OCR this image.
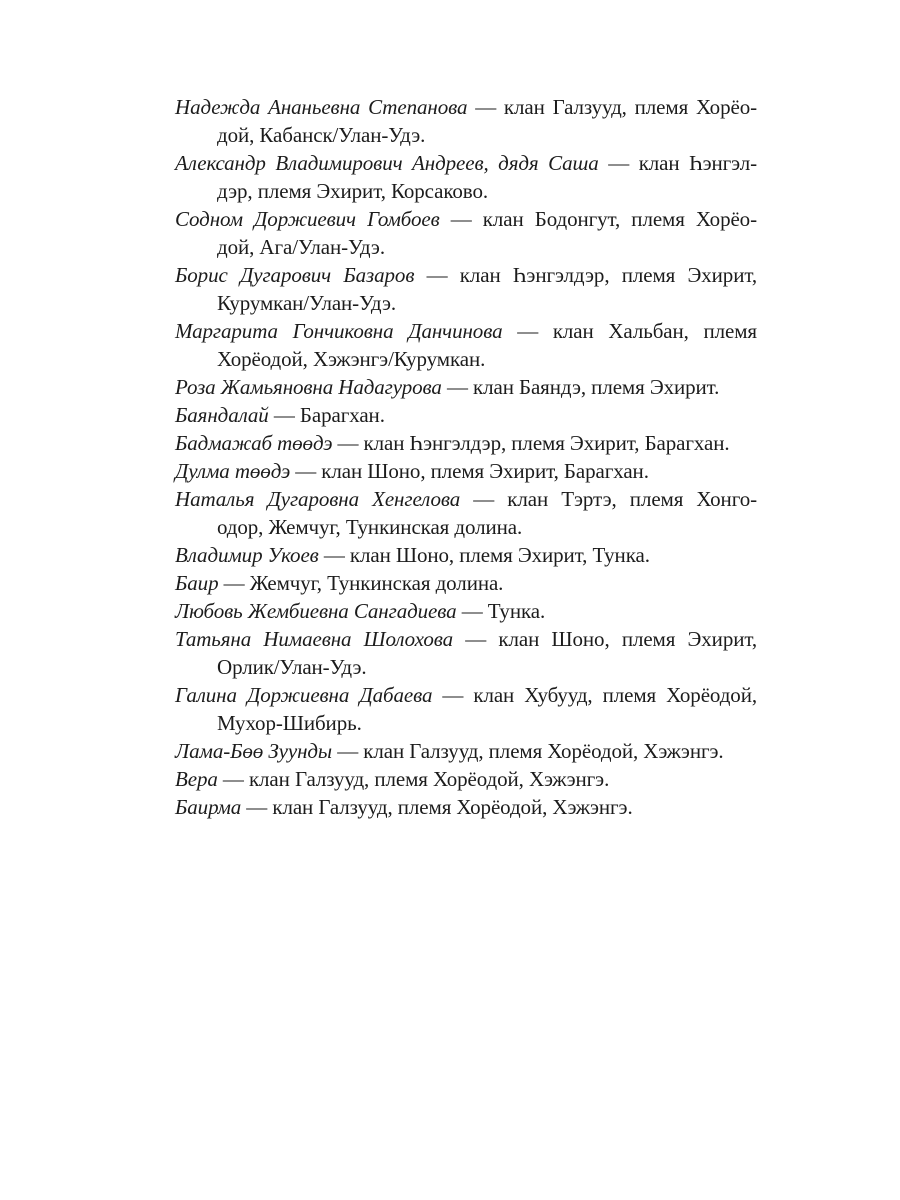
Надежда Ананьевна Степанова — клан Галзууд, племя Хорёо-
дой, Кабанск/Улан-Удэ.
Александр Владимирович Андреев, дядя Саша — клан Һэнгэл-
дэр, племя Эхирит, Корсаково.
Содном Доржиевич Гомбоев — клан Бодонгут, племя Хорёо-
дой, Ага/Улан-Удэ.
Борис Дугарович Базаров — клан Һэнгэлдэр, племя Эхирит,
Курумкан/Улан-Удэ.
Маргарита Гончиковна Данчинова — клан Хальбан, племя
Хорёодой, Хэжэнгэ/Курумкан.
Роза Жамьяновна Надагурова — клан Баяндэ, племя Эхирит.
Баяндалай — Барагхан.
Бадмажаб төөдэ — клан Һэнгэлдэр, племя Эхирит, Барагхан.
Дулма төөдэ — клан Шоно, племя Эхирит, Барагхан.
Наталья Дугаровна Хенгелова — клан Тэртэ, племя Хонго-
одор, Жемчуг, Тункинская долина.
Владимир Укоев — клан Шоно, племя Эхирит, Тунка.
Баир — Жемчуг, Тункинская долина.
Любовь Жембиевна Сангадиева — Тунка.
Татьяна Нимаевна Шолохова — клан Шоно, племя Эхирит,
Орлик/Улан-Удэ.
Галина Доржиевна Дабаева — клан Хубууд, племя Хорёодой,
Мухор-Шибирь.
Лама-Бөө Зуунды — клан Галзууд, племя Хорёодой, Хэжэнгэ.
Вера — клан Галзууд, племя Хорёодой, Хэжэнгэ.
Баирма — клан Галзууд, племя Хорёодой, Хэжэнгэ.
